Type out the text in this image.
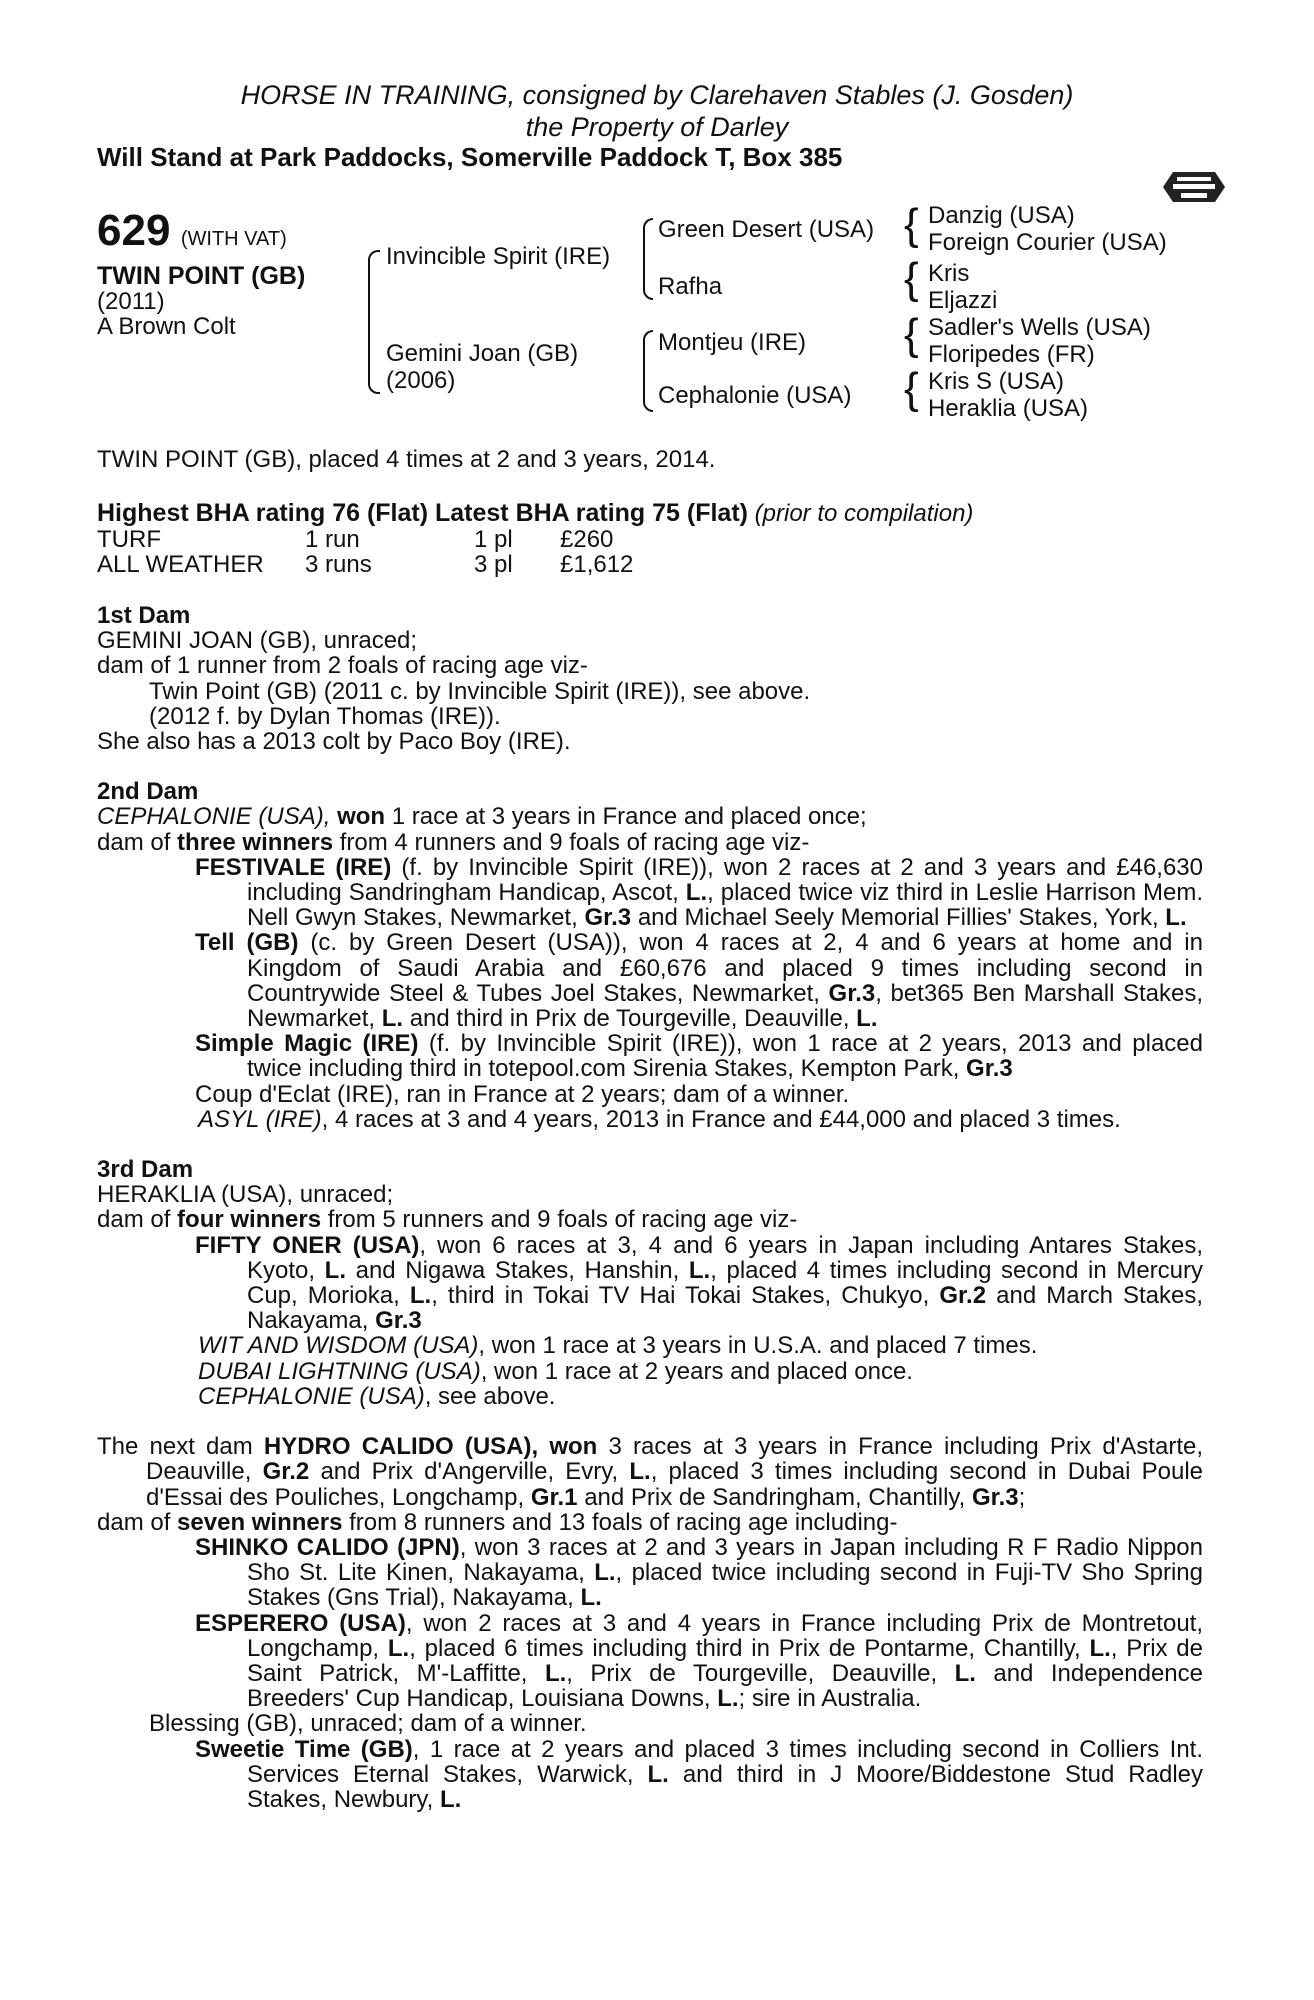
HORSE IN TRAINING, consigned by Clarehaven Stables (J. Gosden)
the Property of Darley
Will Stand at Park Paddocks, Somerville Paddock T, Box 385
629 (WITH VAT)
TWIN POINT (GB)
(2011)
A Brown Colt
Invincible Spirit (IRE)
Gemini Joan (GB)
(2006)
Green Desert (USA)
Rafha
Montjeu (IRE)
Cephalonie (USA)
{
{
{
{
Danzig (USA)
Foreign Courier (USA)
Kris
Eljazzi
Sadler's Wells (USA)
Floripedes (FR)
Kris S (USA)
Heraklia (USA)
TWIN POINT (GB), placed 4 times at 2 and 3 years, 2014.
Highest BHA rating 76 (Flat) Latest BHA rating 75 (Flat) (prior to compilation)
TURF	1 run	1 pl £260
ALL WEATHER 3 runs	3 pl £1,612

1st Dam

GEMINI JOAN (GB), unraced;

dam of 1 runner from 2 foals of racing age viz-

Twin Point (GB) (2011 c. by Invincible Spirit (IRE)), see above.

(2012 f. by Dylan Thomas (IRE)).

She also has a 2013 colt by Paco Boy (IRE).

2nd Dam

CEPHALONIE (USA), won 1 race at 3 years in France and placed once;

dam of three winners from 4 runners and 9 foals of racing age viz-

FESTIVALE (IRE) (f. by Invincible Spirit (IRE)), won 2 races at 2 and 3 years and £46,630 including Sandringham Handicap, Ascot, L., placed twice viz third in Leslie Harrison Mem. Nell Gwyn Stakes, Newmarket, Gr.3 and Michael Seely Memorial Fillies' Stakes, York, L.

Tell (GB) (c. by Green Desert (USA)), won 4 races at 2, 4 and 6 years at home and in Kingdom of Saudi Arabia and £60,676 and placed 9 times including second in Countrywide Steel & Tubes Joel Stakes, Newmarket, Gr.3, bet365 Ben Marshall Stakes, Newmarket, L. and third in Prix de Tourgeville, Deauville, L.

Simple Magic (IRE) (f. by Invincible Spirit (IRE)), won 1 race at 2 years, 2013 and placed twice including third in totepool.com Sirenia Stakes, Kempton Park, Gr.3

Coup d'Eclat (IRE), ran in France at 2 years; dam of a winner.

ASYL (IRE), 4 races at 3 and 4 years, 2013 in France and £44,000 and placed 3 times.

3rd Dam

HERAKLIA (USA), unraced;

dam of four winners from 5 runners and 9 foals of racing age viz-

FIFTY ONER (USA), won 6 races at 3, 4 and 6 years in Japan including Antares Stakes, Kyoto, L. and Nigawa Stakes, Hanshin, L., placed 4 times including second in Mercury Cup, Morioka, L., third in Tokai TV Hai Tokai Stakes, Chukyo, Gr.2 and March Stakes, Nakayama, Gr.3

WIT AND WISDOM (USA), won 1 race at 3 years in U.S.A. and placed 7 times.

DUBAI LIGHTNING (USA), won 1 race at 2 years and placed once.

CEPHALONIE (USA), see above.

The next dam HYDRO CALIDO (USA), won 3 races at 3 years in France including Prix d'Astarte, Deauville, Gr.2 and Prix d'Angerville, Evry, L., placed 3 times including second in Dubai Poule d'Essai des Pouliches, Longchamp, Gr.1 and Prix de Sandringham, Chantilly, Gr.3;

dam of seven winners from 8 runners and 13 foals of racing age including-

SHINKO CALIDO (JPN), won 3 races at 2 and 3 years in Japan including R F Radio Nippon Sho St. Lite Kinen, Nakayama, L., placed twice including second in Fuji-TV Sho Spring Stakes (Gns Trial), Nakayama, L.

ESPERERO (USA), won 2 races at 3 and 4 years in France including Prix de Montretout, Longchamp, L., placed 6 times including third in Prix de Pontarme, Chantilly, L., Prix de Saint Patrick, M'-Laffitte, L., Prix de Tourgeville, Deauville, L. and Independence Breeders' Cup Handicap, Louisiana Downs, L.; sire in Australia.

Blessing (GB), unraced; dam of a winner.

Sweetie Time (GB), 1 race at 2 years and placed 3 times including second in Colliers Int. Services Eternal Stakes, Warwick, L. and third in J Moore/Biddestone Stud Radley Stakes, Newbury, L.
